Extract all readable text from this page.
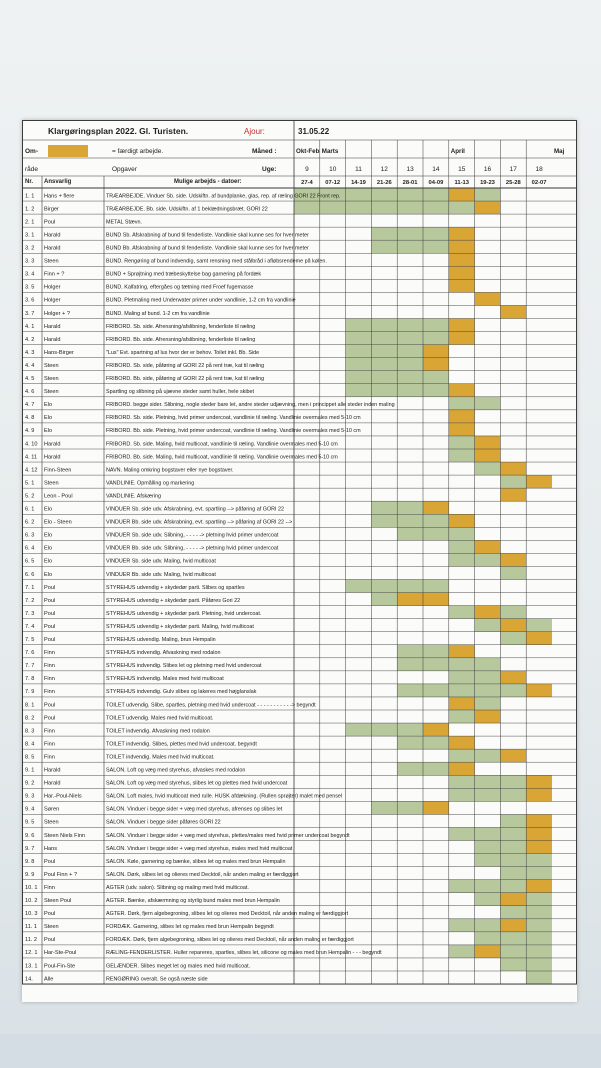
Klargøringsplan 2022. Gl. Turisten.	Ajour:	31.05.22
Om-
råde
= færdigt arbejde.
Opgaver
Måned :
Uge:
Nr. Ansvarlig	Mulige arbejds - datoer:
Okt-Feb Marts	April	Maj
9	10	11	12	13	14	15	16	17	18
27-4 07-12 14-19 21-26 28-01 04-09 11-13 19-23 25-28 02-07
1. 1 Hans + flere	TRÆARBEJDE. Vinduer Sb. side. Udskiftn. af bundplanke, glas, rep. af ræling GORI 22 Front rep.
1. 2 Birger	TRÆARBEJDE. Bb. side. Udskiftn. af 1 beklædningsbræt. GORI 22
2. 1 Poul	METAL Stævn.
3. 1 Harald	BUND Sb. Afskrabning af bund til fenderliste. Vandlinie skal kunne ses for hver meter
3. 2 Harald	BUND Bb. Afskrabning af bund til fenderliste. Vandlinie skal kunne ses for hver meter
3. 3 Steen	BUND. Rengøring af bund indvendig, samt rensning med stålbråd i afløbsrendeme på kølen.
3. 4 Finn + ?	BUND + Sprøjtning med træbeskyttelse bag garnering på fordæk
3. 5 Holger	BUND. Kalfatring, eftergåes og tætning med Froef fugemasse
3. 6 Holger	BUND. Pletmaling med Underwater primer under vandlinie, 1-2 cm fra vandlinie
3. 7 Holger + ?	BUND. Maling af bund. 1-2 cm fra vandlinie
4. 1 Harald	FRIBORD. Sb. side. Afrensning/afslibning, fenderliste til ræling
4. 2 Harald	FRIBORD. Bb. side. Afrensning/afslibning, fenderliste til ræling
4. 3 Hans-Birger	"Lus" Evt. spartning af lus hvor der er behov. Toilet inkl. Bb. Side
4. 4 Steen	FRIBORD. Sb. side, påføring af GORI 22 på rent træ, kat til ræling
4. 5 Steen	FRIBORD. Bb. side, påføring af GORI 22 på rent træ, kat til ræling
4. 6 Steen	Spartling og slibning på ujævne steder samt huller, hele skibet
4. 7 Elo	FRIBORD. begge sider. Slibning, nogle steder bare let, andre steder udjævning, men i princippet alle steder inden maling
4. 8 Elo	FRIBORD. Sb. side. Pletning, hvid primer undercoat, vandlinie til ræling. Vandlinie overmales med 5-10 cm
4. 9 Elo	FRIBORD. Bb. side. Pletning, hvid primer undercoat, vandlinie til ræling. Vandlinie overmales med 5-10 cm
4. 10 Harald	FRIBORD. Sb. side. Maling, hvid multicoat, vandlinie til ræling. Vandlinie overmales med 5-10 cm
4. 11 Harald	FRIBORD. Bb. side. Maling, hvid multicoat, vandlinie til ræling. Vandlinie overmales med 5-10 cm
4. 12 Finn-Steen	NAVN. Maling omkring bogstaver eller nye bogstaver.
5. 1 Steen	VANDLINIE. Opmålling og markering
5. 2 Leon - Poul	VANDLINIE. Afskæring
6. 1 Elo	VINDUER Sb. side udv. Afskrabning, evt. spartling --> påføring af GORI 22
6. 2 Elo - Steen	VINDUER Bb. side udv. Afskrabning, evt. spartling --> påføring af GORI 22 -->
6. 3 Elo	VINDUER Sb. side udv. Slibning, - - - - -> pletning hvid primer undercoat
6. 4 Elo	VINDUER Bb. side udv. Slibning, - - - - -> pletning hvid primer undercoat
6. 5 Elo	VINDUER Sb. side udv. Maling, hvid multicoat
6. 6 Elo	VINDUER Bb. side udv. Maling, hvid multicoat
7. 1 Poul	STYREHUS udvendig + skydedør parti. Slibes og spartles
7. 2 Poul	STYREHUS udvendig + skydedør parti. Påføres Gori 22
7. 3 Poul	STYREHUS udvendig + skydedør parti. Pletning, hvid undercoat.
7. 4 Poul	STYREHUS udvendig + skydedør parti. Maling, hvid multicoat
7. 5 Poul	STYREHUS udvendig. Maling, brun Hempalin
7. 6 Finn	STYREHUS indvendig. Afvaskning med rodalon
7. 7 Finn	STYREHUS indvendig. Slibes let og pletning med hvid undercoat
7. 8 Finn	STYREHUS indvendig. Males med hvid multicoat
7. 9 Finn	STYREHUS indvendig. Gulv slibes og lakeres med højglanslak
8. 1 Poul	TOILET udvendig. Slibe, spartles, pletning med hvid undercoat - - - - - - - - - - -> begyndt
8. 2 Poul	TOILET udvendig. Males med hvid multicoat.
8. 3 Finn	TOILET indvendig. Afvaskning med rodalon
8. 4 Finn	TOILET indvendig. Slibes, plettes med hvid undercoat. begyndt
8. 5 Finn	TOILET indvendig. Males med hvid multicoat.
9. 1 Harald	SALON. Loft og væg med styrehus, afvaskes med rodalon
9. 2 Harald	SALON. Loft og væg med styrehus, slibes let og plettes med hvid undercoat
9. 3 Har.-Poul-Niels	SALON. Loft males, hvid multicoat med rulle. HUSK afdækning. (Rullen sprøjter) malet med pensel
9. 4 Søren	SALON. Vinduer i begge sider + væg med styrehus, afrenses og slibes let
9. 5 Steen	SALON. Vinduer i begge sider påføres GORI 22
9. 6 Steen Niels Finn	SALON. Vinduer i begge sider + væg med styrehus, plettes/males med hvid primer undercoat begyndt
9. 7 Hans	SALON. Vinduer i begge sider + væg med styrehus, males med hvid multicoat
9. 8 Poul	SALON. Køle, garnering og bænke, slibes let og males med brun Hempalin
9. 9 Poul Finn + ?	SALON. Dørk, slibes let og olieres med Decktoil, når anden maling er færdiggjort
10. 1 Finn	AGTER (udv. salon). Slibning og maling med hvid multicoat.
10. 2 Steen Poul	AGTER. Bænke, afskærmning og styrlig bund males med brun Hempalin
10. 3 Poul	AGTER. Dørk, fjern algebegroning, slibes let og olieres med Decktoil, når anden maling er færdiggjort
11. 1 Steen	FORDÆK. Garnering, slibes let og males med brun Hempalin begyndt
11. 2 Poul	FORDÆK. Dørk, fjern algebegroning, slibes let og olieres med Decktoil, når anden maling er færdiggjort
12. 1 Har-Ste-Poul	RÆLING-FENDERLISTER. Huller repareres, spartles, slibes let, silicone og males med brun Hempalin - - - begyndt
13. 1 Poul-Fin-Ste	GELÆNDER. Slibes meget let og males med hvid multicoat.
14. Alle	RENGØRING overalt. Se også næste side
